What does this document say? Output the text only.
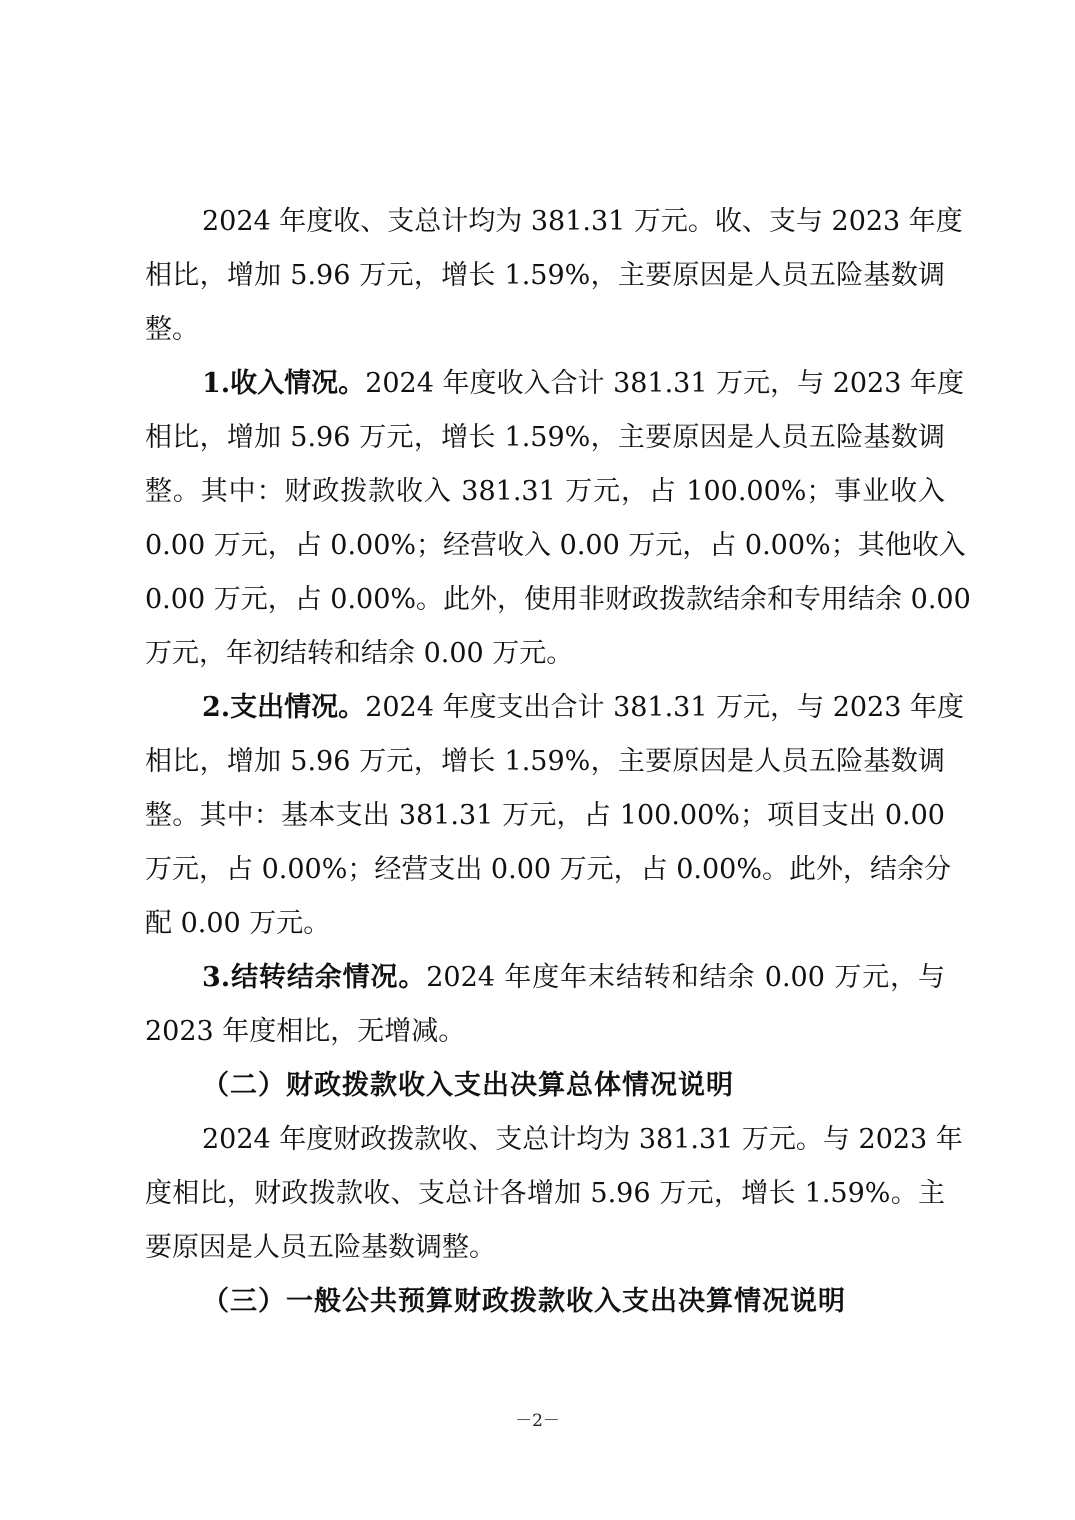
2024 年度收、支总计均为 381.31 万元。收、支与 2023 年度
相比，增加 5.96 万元，增长 1.59%，主要原因是人员五险基数调
整。
1.收入情况。2024 年度收入合计 381.31 万元，与 2023 年度
相比，增加 5.96 万元，增长 1.59%，主要原因是人员五险基数调
整。其中：财政拨款收入 381.31 万元，占 100.00%；事业收入
0.00 万元，占 0.00%；经营收入 0.00 万元，占 0.00%；其他收入
0.00 万元，占 0.00%。此外，使用非财政拨款结余和专用结余 0.00
万元，年初结转和结余 0.00 万元。
2.支出情况。2024 年度支出合计 381.31 万元，与 2023 年度
相比，增加 5.96 万元，增长 1.59%，主要原因是人员五险基数调
整。其中：基本支出 381.31 万元，占 100.00%；项目支出 0.00
万元，占 0.00%；经营支出 0.00 万元，占 0.00%。此外，结余分
配 0.00 万元。
3.结转结余情况。2024 年度年末结转和结余 0.00 万元，与
2023 年度相比，无增减。
（二）财政拨款收入支出决算总体情况说明
2024 年度财政拨款收、支总计均为 381.31 万元。与 2023 年
度相比，财政拨款收、支总计各增加 5.96 万元，增长 1.59%。主
要原因是人员五险基数调整。
（三）一般公共预算财政拨款收入支出决算情况说明
－2－
